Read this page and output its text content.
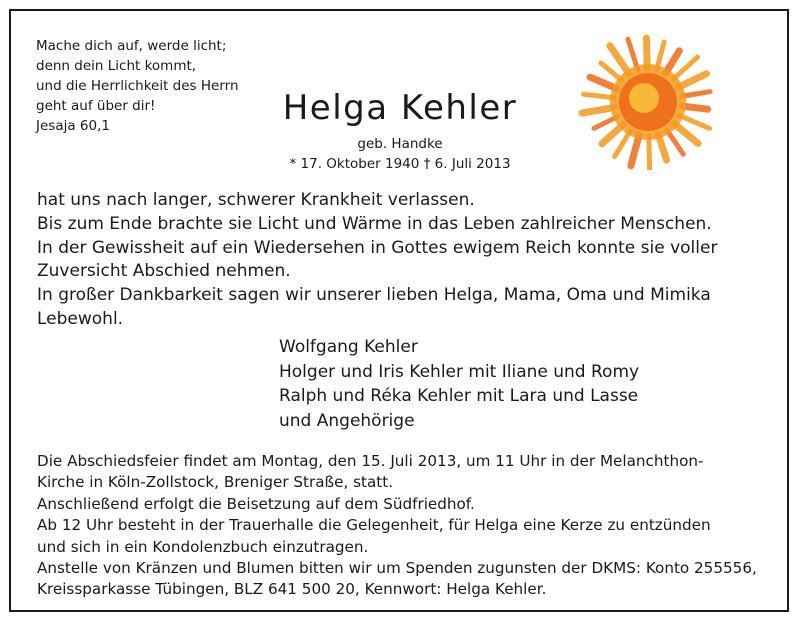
Mache dich auf, werde licht;
denn dein Licht kommt,
und die Herrlichkeit des Herrn
geht auf über dir!
Jesaja 60,1	Helga Kehler
geb. Handke
* 17. Oktober 1940 † 6. Juli 2013
hat uns nach langer, schwerer Krankheit verlassen.
Bis zum Ende brachte sie Licht und Wärme in das Leben zahlreicher Menschen.
In der Gewissheit auf ein Wiedersehen in Gottes ewigem Reich konnte sie voller
Zuversicht Abschied nehmen.
In großer Dankbarkeit sagen wir unserer lieben Helga, Mama, Oma und Mimika
Lebewohl.
Wolfgang Kehler
Holger und Iris Kehler mit Iliane und Romy
Ralph und Réka Kehler mit Lara und Lasse
und Angehörige
Die Abschiedsfeier findet am Montag, den 15. Juli 2013, um 11 Uhr in der Melanchthon-
Kirche in Köln-Zollstock, Breniger Straße, statt.
Anschließend erfolgt die Beisetzung auf dem Südfriedhof.
Ab 12 Uhr besteht in der Trauerhalle die Gelegenheit, für Helga eine Kerze zu entzünden
und sich in ein Kondolenzbuch einzutragen.
Anstelle von Kränzen und Blumen bitten wir um Spenden zugunsten der DKMS: Konto 255556,
Kreissparkasse Tübingen, BLZ 641 500 20, Kennwort: Helga Kehler.
